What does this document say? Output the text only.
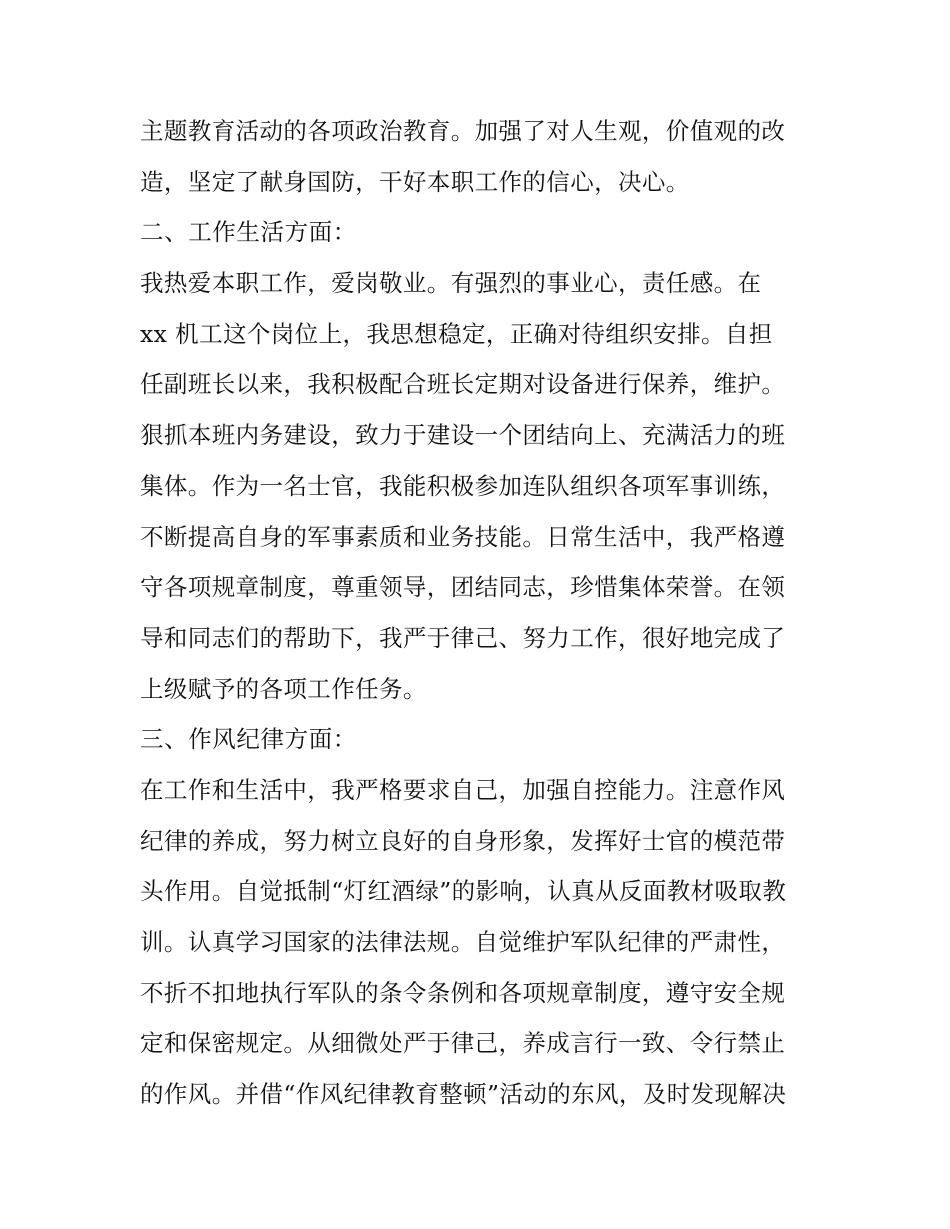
主题教育活动的各项政治教育。加强了对人生观，价值观的改
造，坚定了献身国防，干好本职工作的信心，决心。
二、工作生活方面：
我热爱本职工作，爱岗敬业。有强烈的事业心，责任感。在
xx 机工这个岗位上，我思想稳定，正确对待组织安排。自担
任副班长以来，我积极配合班长定期对设备进行保养，维护。
狠抓本班内务建设，致力于建设一个团结向上、充满活力的班
集体。作为一名士官，我能积极参加连队组织各项军事训练，
不断提高自身的军事素质和业务技能。日常生活中，我严格遵
守各项规章制度，尊重领导，团结同志，珍惜集体荣誉。在领
导和同志们的帮助下，我严于律己、努力工作，很好地完成了
上级赋予的各项工作任务。
三、作风纪律方面：
在工作和生活中，我严格要求自己，加强自控能力。注意作风
纪律的养成，努力树立良好的自身形象，发挥好士官的模范带
头作用。自觉抵制“灯红酒绿”的影响，认真从反面教材吸取教
训。认真学习国家的法律法规。自觉维护军队纪律的严肃性，
不折不扣地执行军队的条令条例和各项规章制度，遵守安全规
定和保密规定。从细微处严于律己，养成言行一致、令行禁止
的作风。并借“作风纪律教育整顿”活动的东风，及时发现解决
